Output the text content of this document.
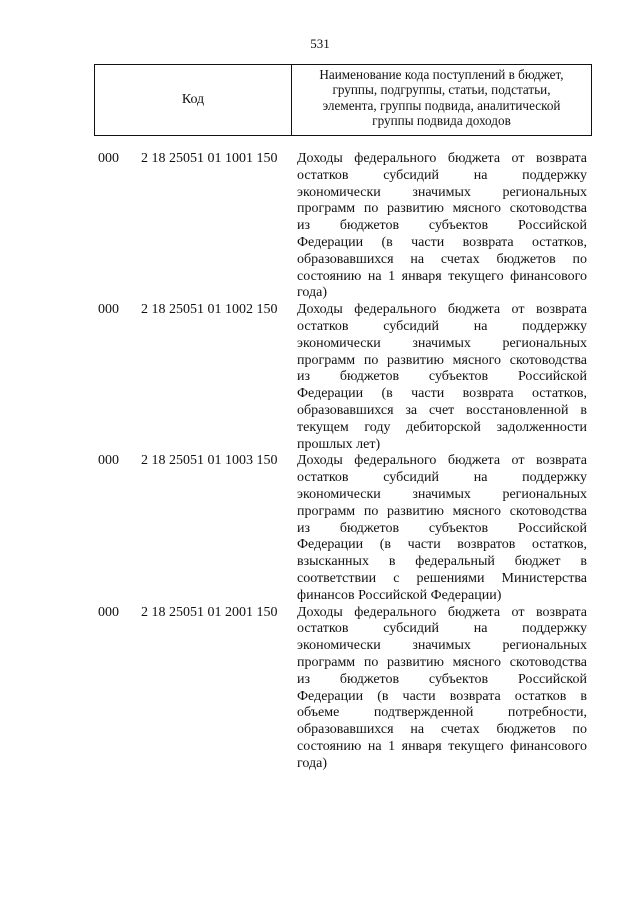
531
Код
Наименование кода поступлений в бюджет,
группы, подгруппы, статьи, подстатьи,
элемента, группы подвида, аналитической
группы подвида доходов
000 2 18 25051 01 1001 150 Доходы федерального бюджета от возврата
остатков субсидий на поддержку
экономически значимых региональных
программ по развитию мясного скотоводства
из бюджетов субъектов Российской
Федерации (в части возврата остатков,
образовавшихся на счетах бюджетов по
состоянию на 1 января текущего финансового
года)
000 2 18 25051 01 1002 150 Доходы федерального бюджета от возврата
остатков субсидий на поддержку
экономически значимых региональных
программ по развитию мясного скотоводства
из бюджетов субъектов Российской
Федерации (в части возврата остатков,
образовавшихся за счет восстановленной в
текущем году дебиторской задолженности
прошлых лет)
000 2 18 25051 01 1003 150 Доходы федерального бюджета от возврата
остатков субсидий на поддержку
экономически значимых региональных
программ по развитию мясного скотоводства
из бюджетов субъектов Российской
Федерации (в части возвратов остатков,
взысканных в федеральный бюджет в
соответствии с решениями Министерства
финансов Российской Федерации)
000 2 18 25051 01 2001 150 Доходы федерального бюджета от возврата
остатков субсидий на поддержку
экономически значимых региональных
программ по развитию мясного скотоводства
из бюджетов субъектов Российской
Федерации (в части возврата остатков в
объеме подтвержденной потребности,
образовавшихся на счетах бюджетов по
состоянию на 1 января текущего финансового
года)
